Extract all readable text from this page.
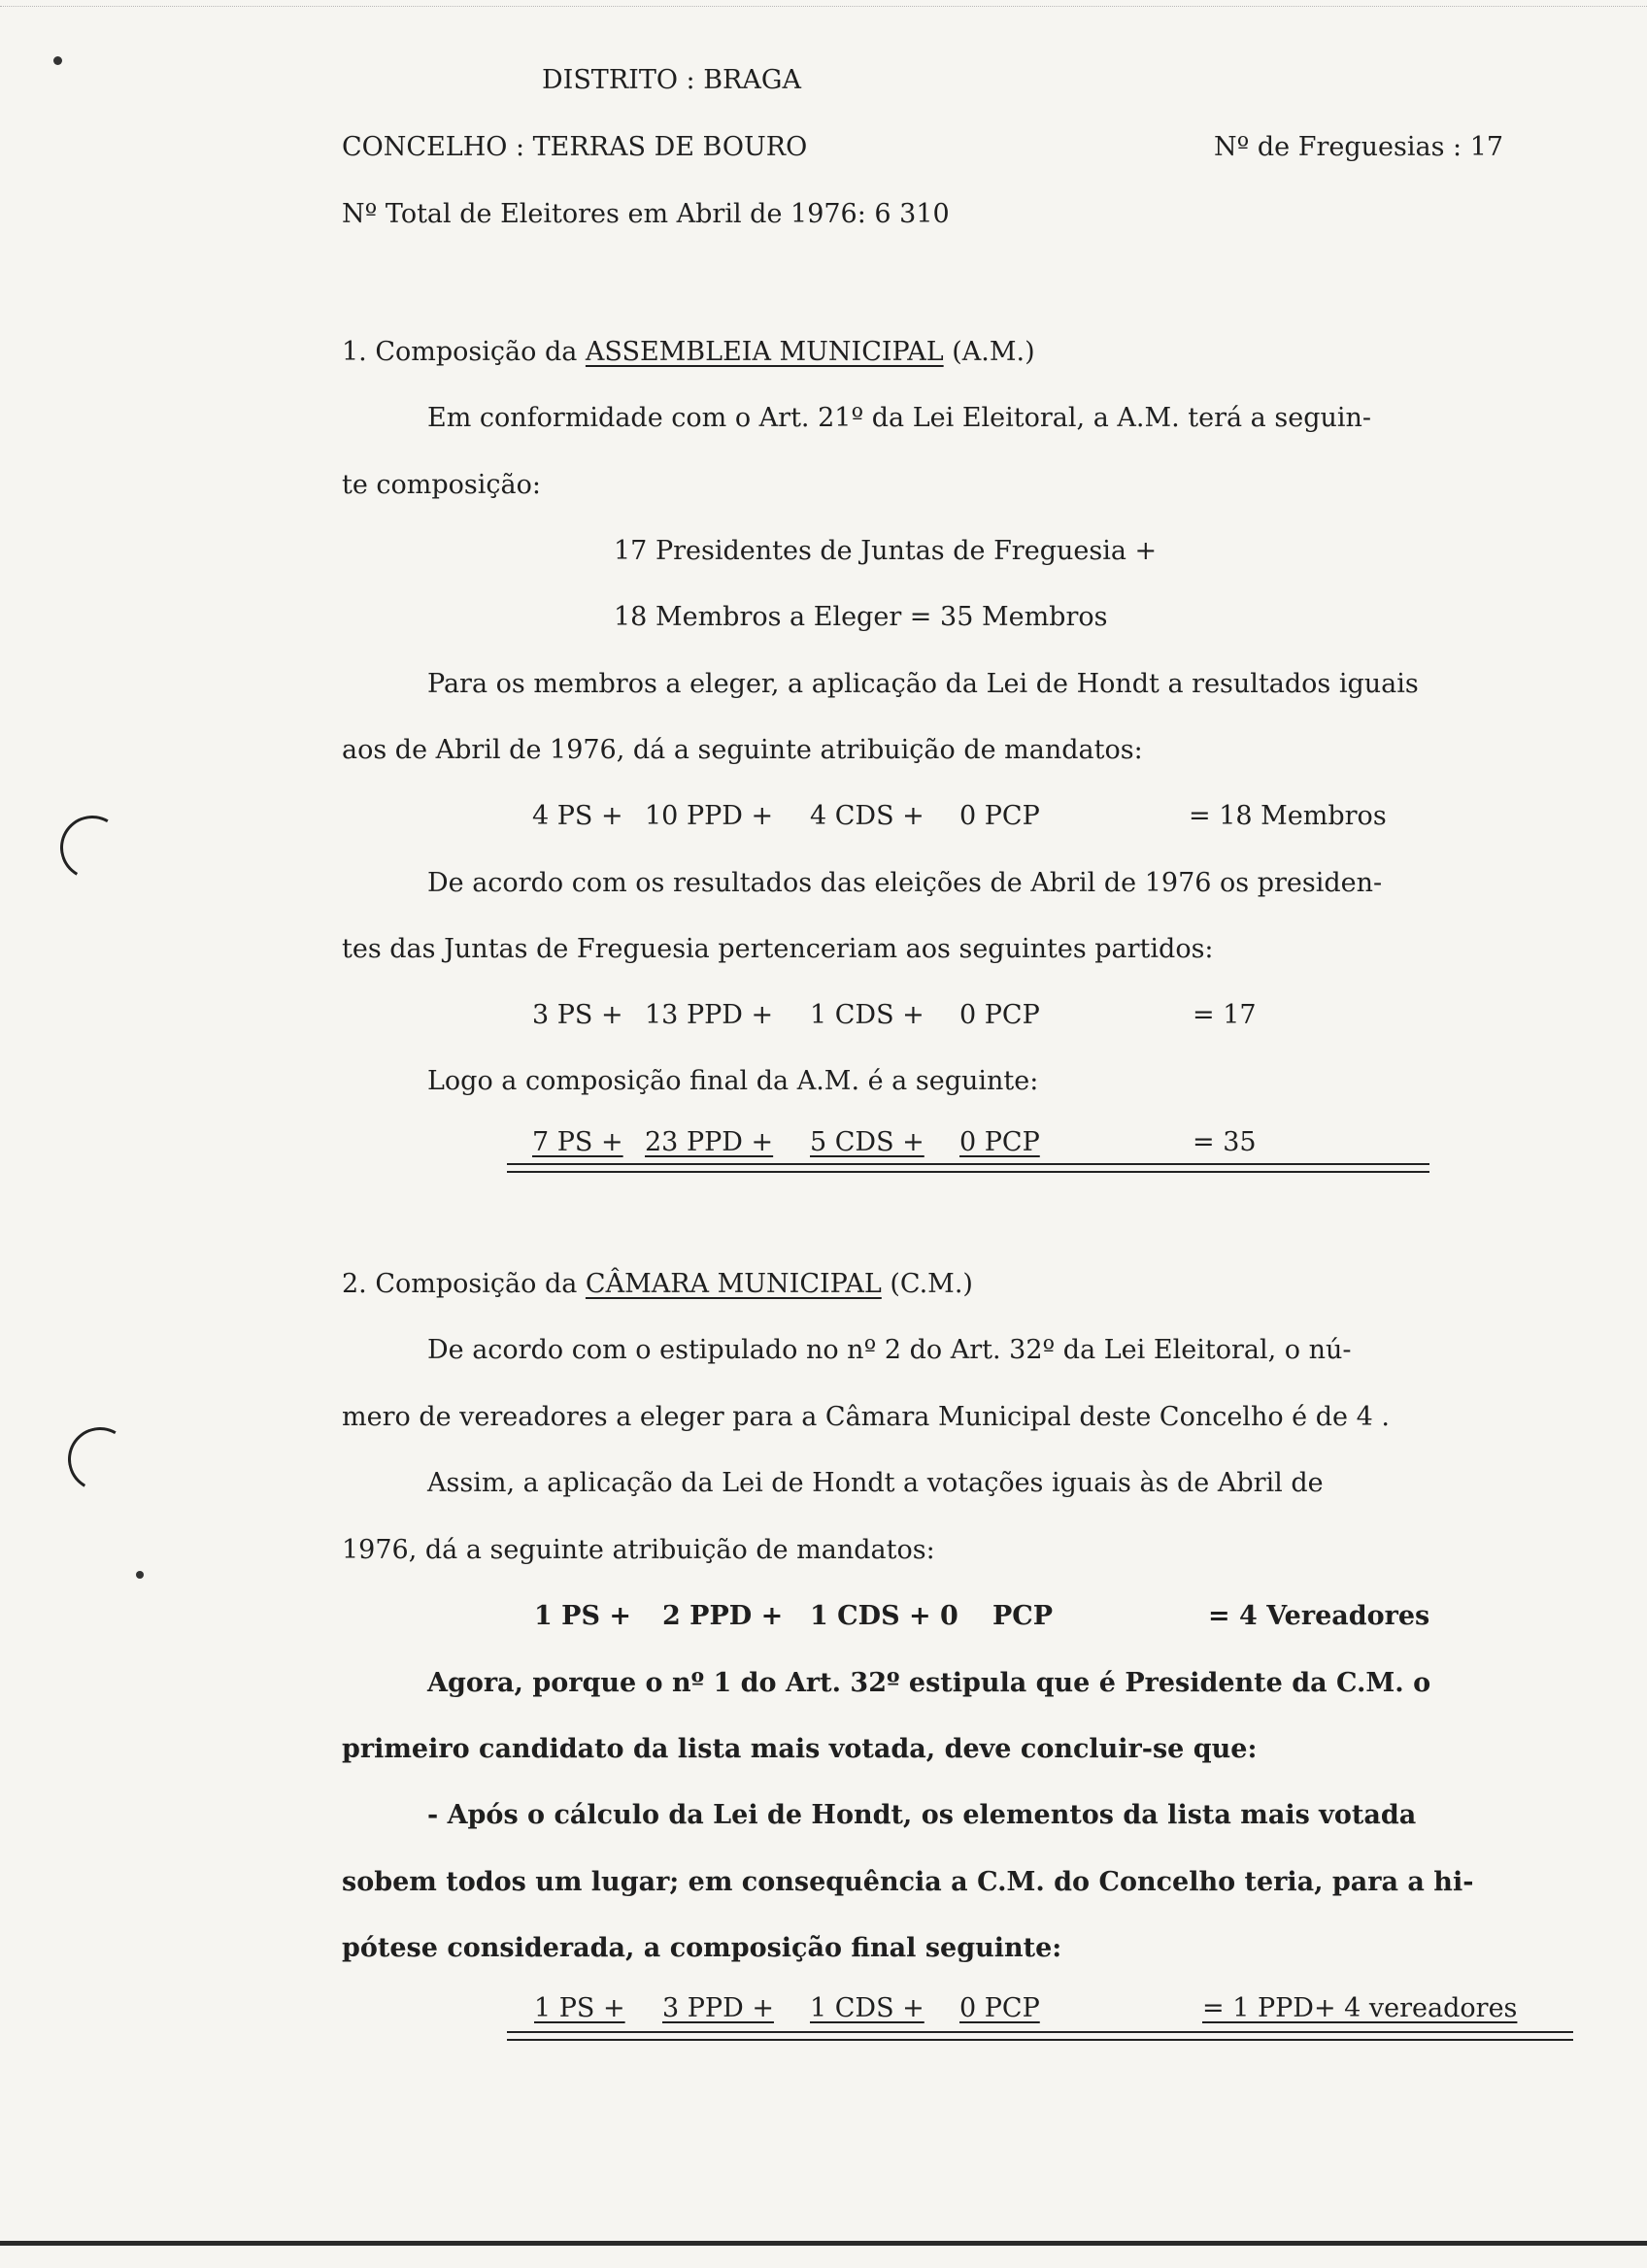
DISTRITO : BRAGA
CONCELHO : TERRAS DE BOURO	Nº de Freguesias : 17
Nº Total de Eleitores em Abril de 1976: 6 310
1. Composição da ASSEMBLEIA MUNICIPAL (A.M.)
Em conformidade com o Art. 21º da Lei Eleitoral, a A.M. terá a seguin-
te composição:
17 Presidentes de Juntas de Freguesia +
18 Membros a Eleger = 35 Membros
Para os membros a eleger, a aplicação da Lei de Hondt a resultados iguais
aos de Abril de 1976, dá a seguinte atribuição de mandatos:
4 PS + 10 PPD + 4 CDS + 0 PCP	= 18 Membros
De acordo com os resultados das eleições de Abril de 1976 os presiden-
tes das Juntas de Freguesia pertenceriam aos seguintes partidos:
3 PS + 13 PPD + 1 CDS + 0 PCP	= 17
Logo a composição final da A.M. é a seguinte:
7 PS + 23 PPD + 5 CDS + 0 PCP	= 35
2. Composição da CÂMARA MUNICIPAL (C.M.)
De acordo com o estipulado no nº 2 do Art. 32º da Lei Eleitoral, o nú-
mero de vereadores a eleger para a Câmara Municipal deste Concelho é de 4 .
Assim, a aplicação da Lei de Hondt a votações iguais às de Abril de
1976, dá a seguinte atribuição de mandatos:
1 PS + 2 PPD + 1 CDS + 0 PCP	= 4 Vereadores
Agora, porque o nº 1 do Art. 32º estipula que é Presidente da C.M. o
primeiro candidato da lista mais votada, deve concluir-se que:
- Após o cálculo da Lei de Hondt, os elementos da lista mais votada
sobem todos um lugar; em consequência a C.M. do Concelho teria, para a hi-
pótese considerada, a composição final seguinte:
1 PS + 3 PPD + 1 CDS + 0 PCP	= 1 PPD+ 4 vereadores
